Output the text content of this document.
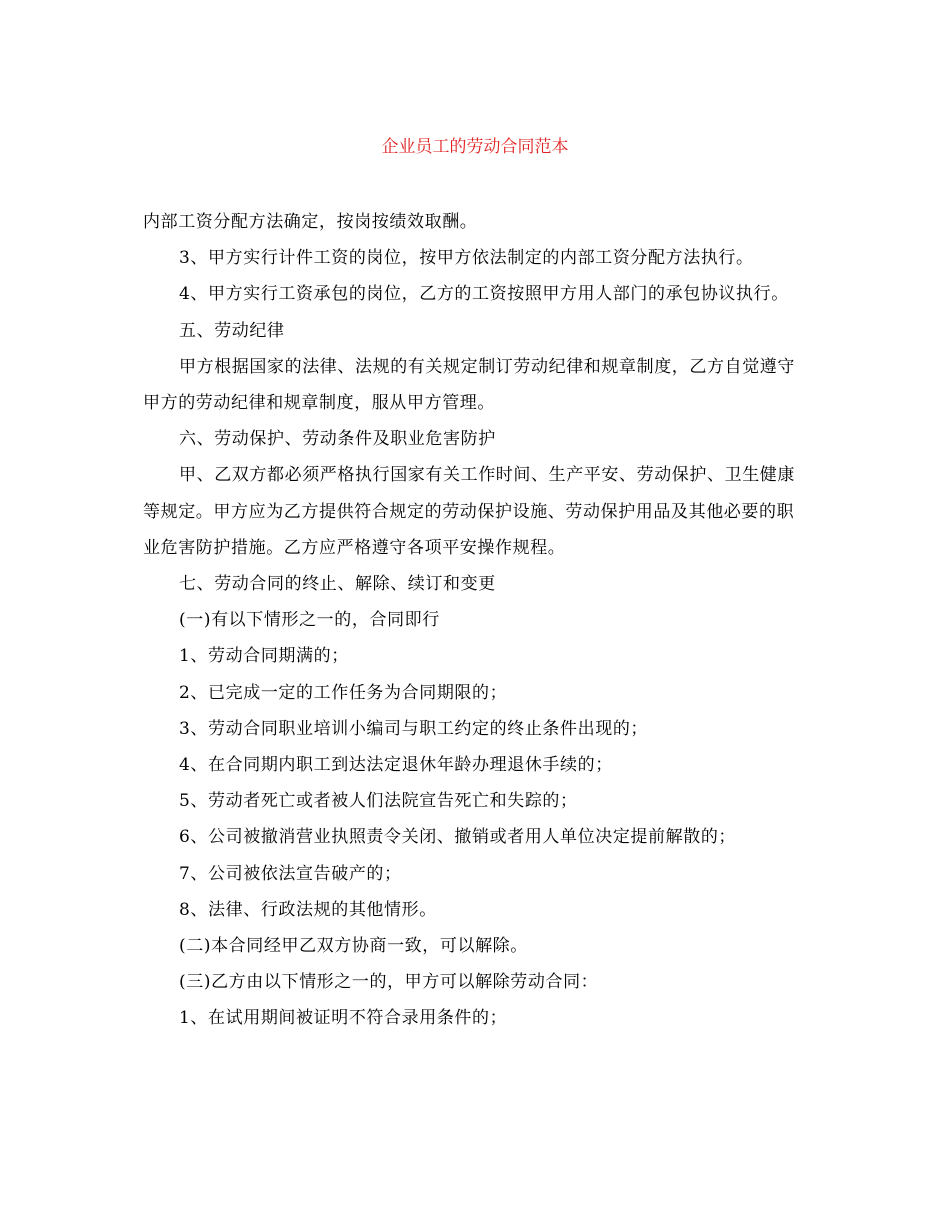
企业员工的劳动合同范本

内部工资分配方法确定，按岗按绩效取酬。

3、甲方实行计件工资的岗位，按甲方依法制定的内部工资分配方法执行。

4、甲方实行工资承包的岗位，乙方的工资按照甲方用人部门的承包协议执行。

五、劳动纪律

甲方根据国家的法律、法规的有关规定制订劳动纪律和规章制度，乙方自觉遵守甲方的劳动纪律和规章制度，服从甲方管理。

六、劳动保护、劳动条件及职业危害防护

甲、乙双方都必须严格执行国家有关工作时间、生产平安、劳动保护、卫生健康等规定。甲方应为乙方提供符合规定的劳动保护设施、劳动保护用品及其他必要的职业危害防护措施。乙方应严格遵守各项平安操作规程。

七、劳动合同的终止、解除、续订和变更

(一)有以下情形之一的，合同即行

1、劳动合同期满的；

2、已完成一定的工作任务为合同期限的；

3、劳动合同职业培训小编司与职工约定的终止条件出现的；

4、在合同期内职工到达法定退休年龄办理退休手续的；

5、劳动者死亡或者被人们法院宣告死亡和失踪的；

6、公司被撤消营业执照责令关闭、撤销或者用人单位决定提前解散的；

7、公司被依法宣告破产的；

8、法律、行政法规的其他情形。

(二)本合同经甲乙双方协商一致，可以解除。

(三)乙方由以下情形之一的，甲方可以解除劳动合同：

1、在试用期间被证明不符合录用条件的；
